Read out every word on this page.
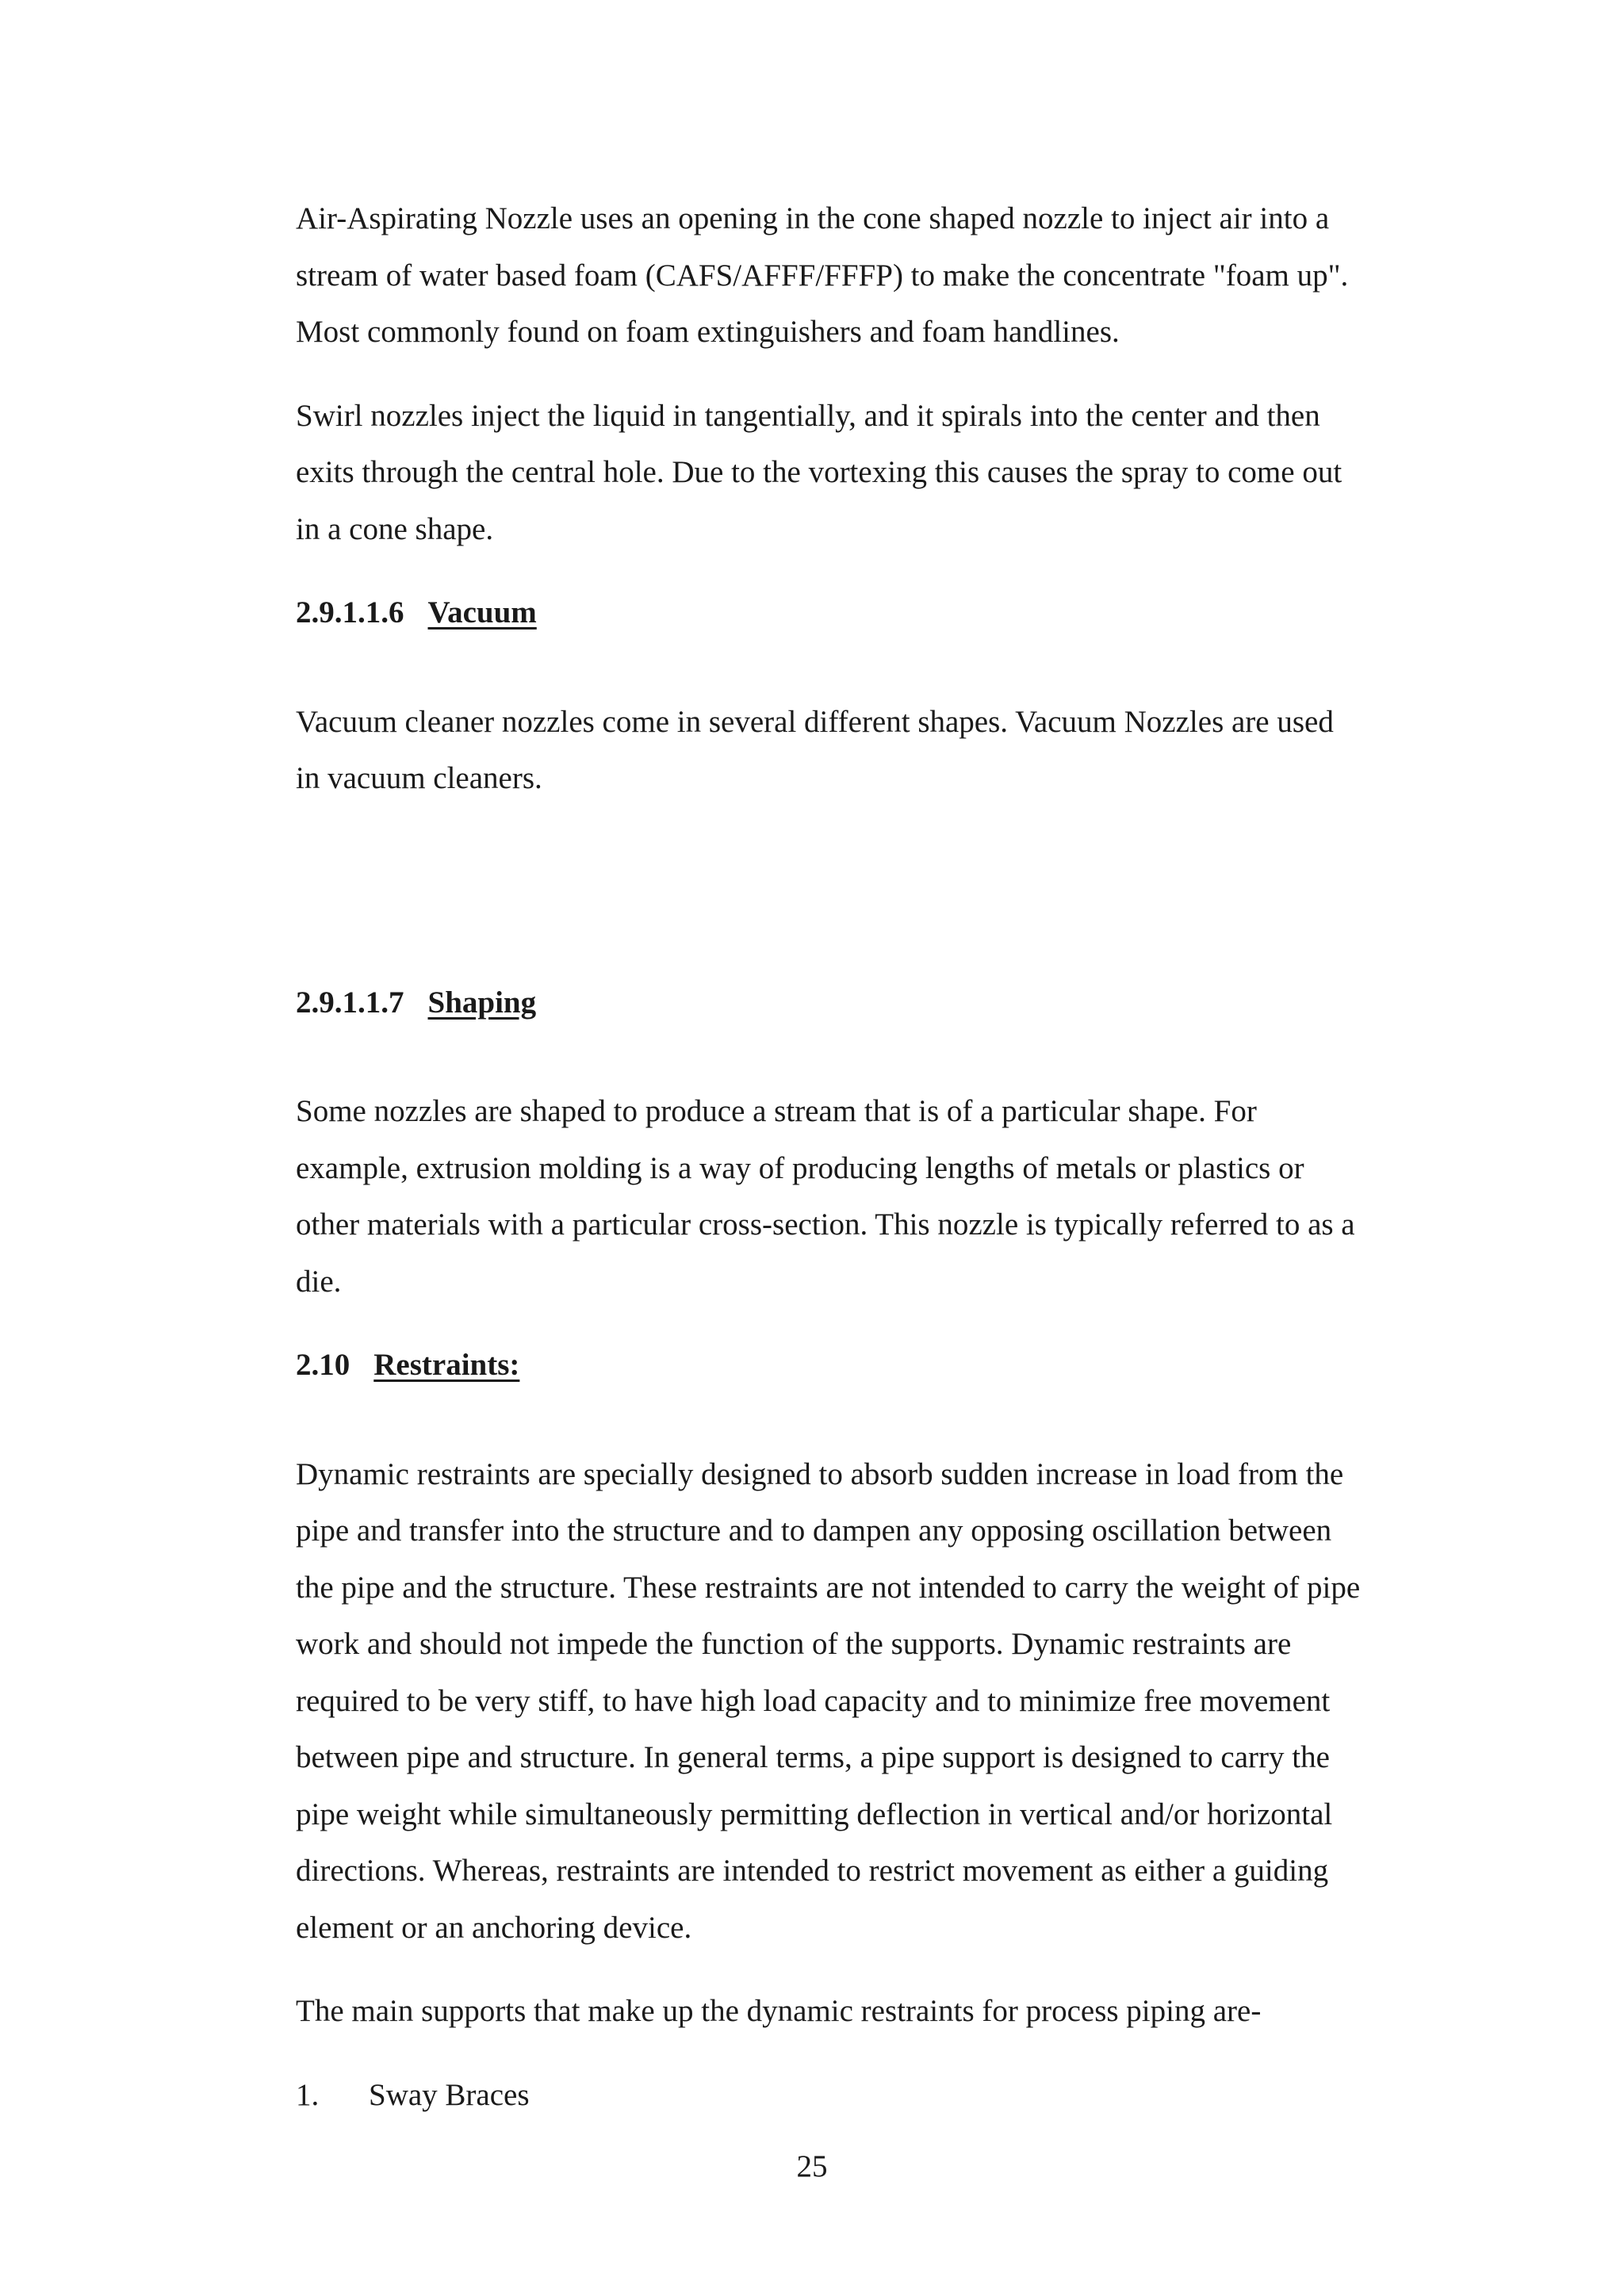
Air-Aspirating Nozzle uses an opening in the cone shaped nozzle to inject air into a
stream of water based foam (CAFS/AFFF/FFFP) to make the concentrate "foam up".
Most commonly found on foam extinguishers and foam handlines.
Swirl nozzles inject the liquid in tangentially, and it spirals into the center and then
exits through the central hole. Due to the vortexing this causes the spray to come out
in a cone shape.
2.9.1.1.6 Vacuum
Vacuum cleaner nozzles come in several different shapes. Vacuum Nozzles are used
in vacuum cleaners.
2.9.1.1.7 Shaping
Some nozzles are shaped to produce a stream that is of a particular shape. For
example, extrusion molding is a way of producing lengths of metals or plastics or
other materials with a particular cross-section. This nozzle is typically referred to as a
die.
2.10 Restraints:
Dynamic restraints are specially designed to absorb sudden increase in load from the
pipe and transfer into the structure and to dampen any opposing oscillation between
the pipe and the structure. These restraints are not intended to carry the weight of pipe
work and should not impede the function of the supports. Dynamic restraints are
required to be very stiff, to have high load capacity and to minimize free movement
between pipe and structure. In general terms, a pipe support is designed to carry the
pipe weight while simultaneously permitting deflection in vertical and/or horizontal
directions. Whereas, restraints are intended to restrict movement as either a guiding
element or an anchoring device.
The main supports that make up the dynamic restraints for process piping are-
1. Sway Braces
25
